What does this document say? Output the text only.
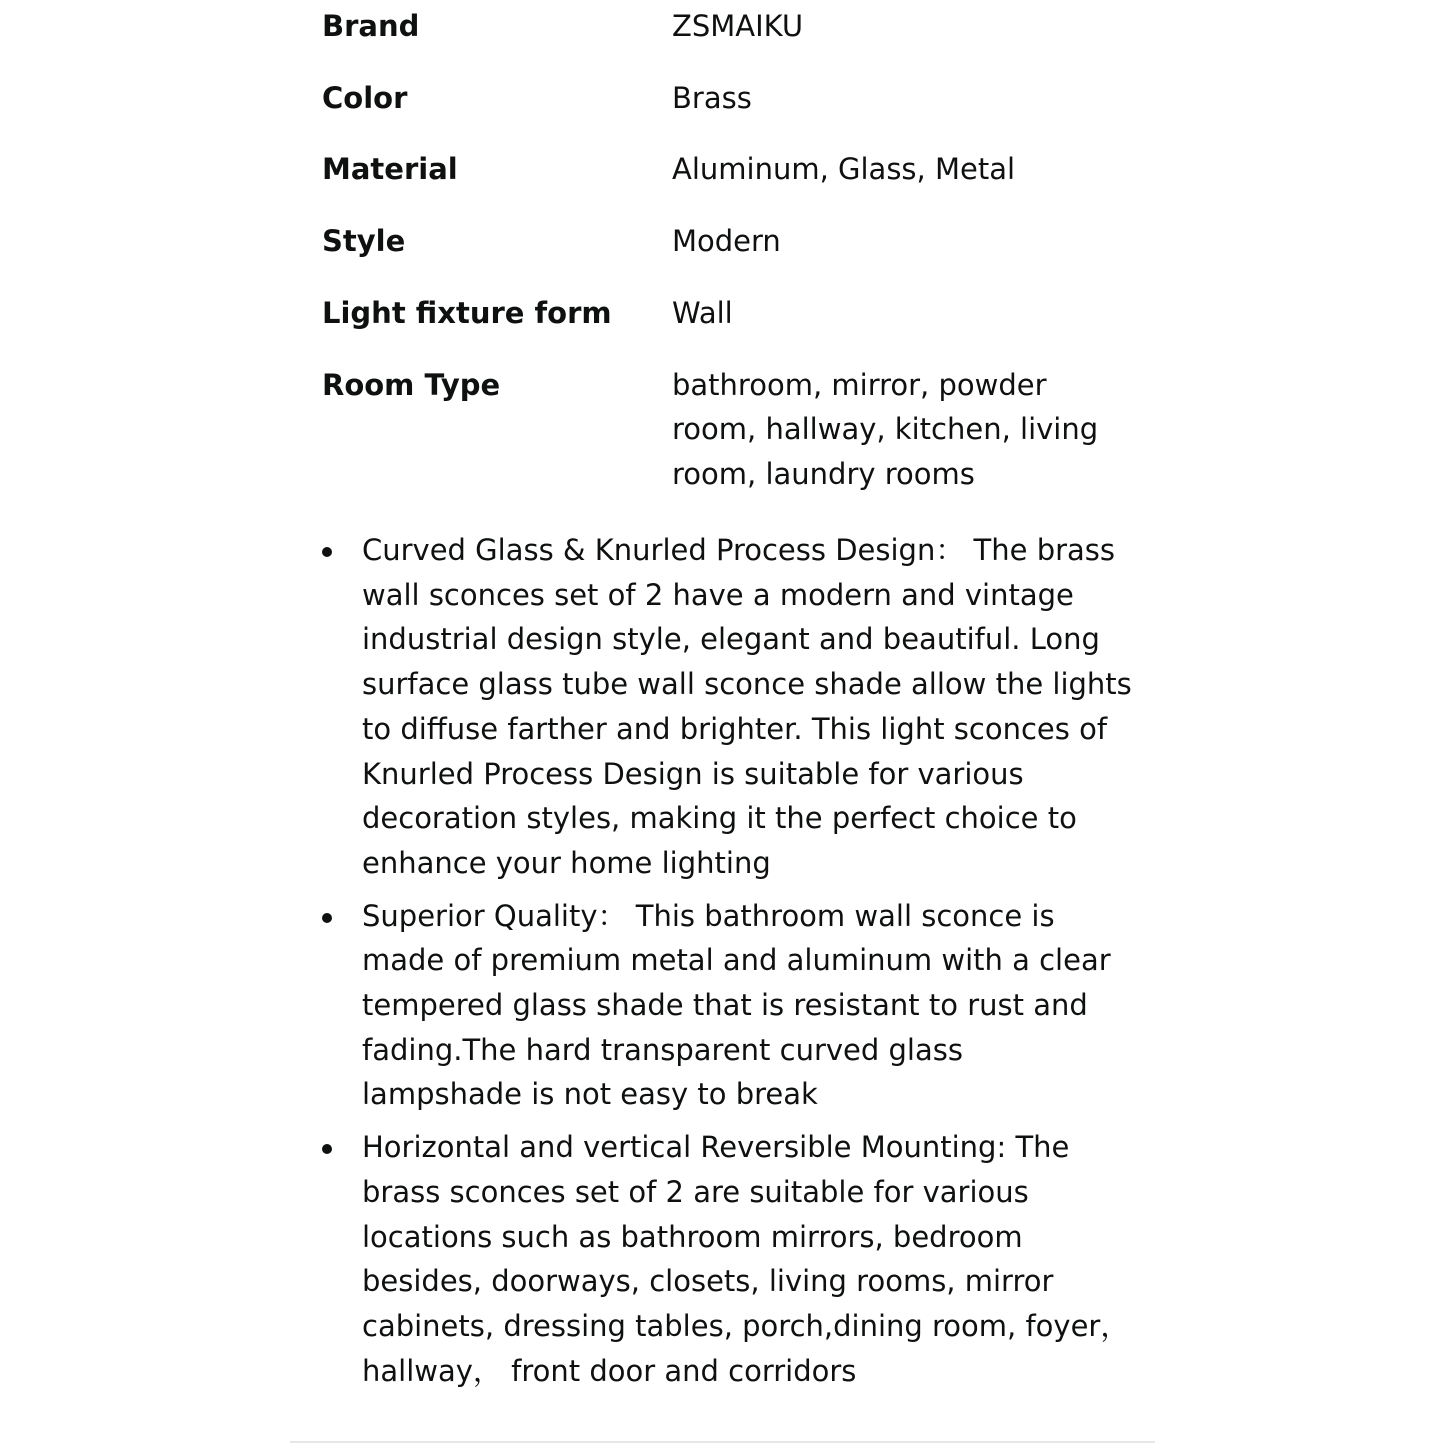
Brand	ZSMAIKU
Color	Brass
Material	Aluminum, Glass, Metal
Style	Modern
Light fixture form	Wall
Room Type	bathroom, mirror, powder room, hallway, kitchen, living room, laundry rooms
Curved Glass & Knurled Process Design： The brass wall sconces set of 2 have a modern and vintage industrial design style, elegant and beautiful. Long surface glass tube wall sconce shade allow the lights to diffuse farther and brighter. This light sconces of Knurled Process Design is suitable for various decoration styles, making it the perfect choice to enhance your home lighting
Superior Quality： This bathroom wall sconce is made of premium metal and aluminum with a clear tempered glass shade that is resistant to rust and fading.The hard transparent curved glass lampshade is not easy to break
Horizontal and vertical Reversible Mounting: The brass sconces set of 2 are suitable for various locations such as bathroom mirrors, bedroom besides, doorways, closets, living rooms, mirror cabinets, dressing tables, porch,dining room, foyer， hallway， front door and corridors
